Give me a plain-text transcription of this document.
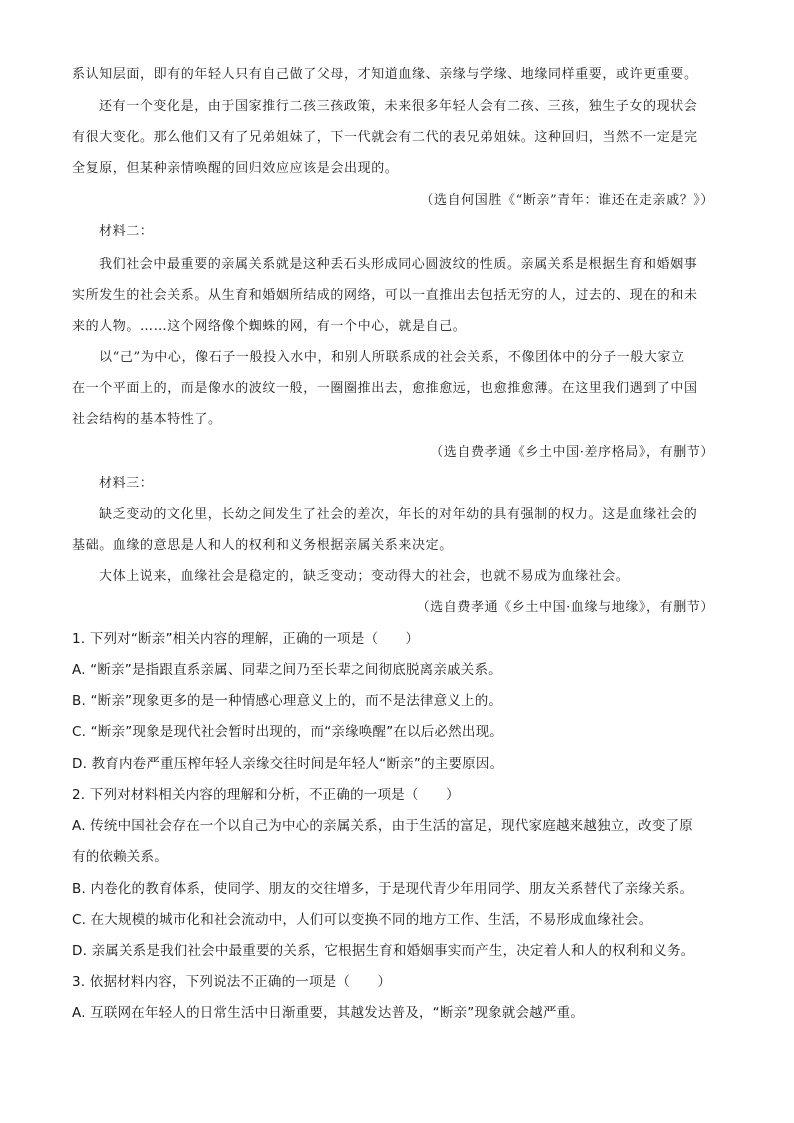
系认知层面，即有的年轻人只有自己做了父母，才知道血缘、亲缘与学缘、地缘同样重要，或许更重要。
还有一个变化是，由于国家推行二孩三孩政策，未来很多年轻人会有二孩、三孩，独生子女的现状会
有很大变化。那么他们又有了兄弟姐妹了，下一代就会有二代的表兄弟姐妹。这种回归，当然不一定是完
全复原，但某种亲情唤醒的回归效应应该是会出现的。
（选自何国胜《“断亲”青年：谁还在走亲戚？》）
材料二：
我们社会中最重要的亲属关系就是这种丢石头形成同心圆波纹的性质。亲属关系是根据生育和婚姻事
实所发生的社会关系。从生育和婚姻所结成的网络，可以一直推出去包括无穷的人，过去的、现在的和未
来的人物。……这个网络像个蜘蛛的网，有一个中心，就是自己。
以“己”为中心，像石子一般投入水中，和别人所联系成的社会关系，不像团体中的分子一般大家立
在一个平面上的，而是像水的波纹一般，一圈圈推出去，愈推愈远，也愈推愈薄。在这里我们遇到了中国
社会结构的基本特性了。
（选自费孝通《乡土中国·差序格局》，有删节）
材料三：
缺乏变动的文化里，长幼之间发生了社会的差次，年长的对年幼的具有强制的权力。这是血缘社会的
基础。血缘的意思是人和人的权利和义务根据亲属关系来决定。
大体上说来，血缘社会是稳定的，缺乏变动；变动得大的社会，也就不易成为血缘社会。
（选自费孝通《乡土中国·血缘与地缘》，有删节）
1. 下列对“断亲”相关内容的理解，正确的一项是（　　）
A. “断亲”是指跟直系亲属、同辈之间乃至长辈之间彻底脱离亲戚关系。
B. “断亲”现象更多的是一种情感心理意义上的，而不是法律意义上的。
C. “断亲”现象是现代社会暂时出现的，而“亲缘唤醒”在以后必然出现。
D. 教育内卷严重压榨年轻人亲缘交往时间是年轻人“断亲”的主要原因。
2. 下列对材料相关内容的理解和分析，不正确的一项是（　　）
A. 传统中国社会存在一个以自己为中心的亲属关系，由于生活的富足，现代家庭越来越独立，改变了原
有的依赖关系。
B. 内卷化的教育体系，使同学、朋友的交往增多，于是现代青少年用同学、朋友关系替代了亲缘关系。
C. 在大规模的城市化和社会流动中，人们可以变换不同的地方工作、生活，不易形成血缘社会。
D. 亲属关系是我们社会中最重要的关系，它根据生育和婚姻事实而产生，决定着人和人的权利和义务。
3. 依据材料内容，下列说法不正确的一项是（　　）
A. 互联网在年轻人的日常生活中日渐重要，其越发达普及，“断亲”现象就会越严重。
